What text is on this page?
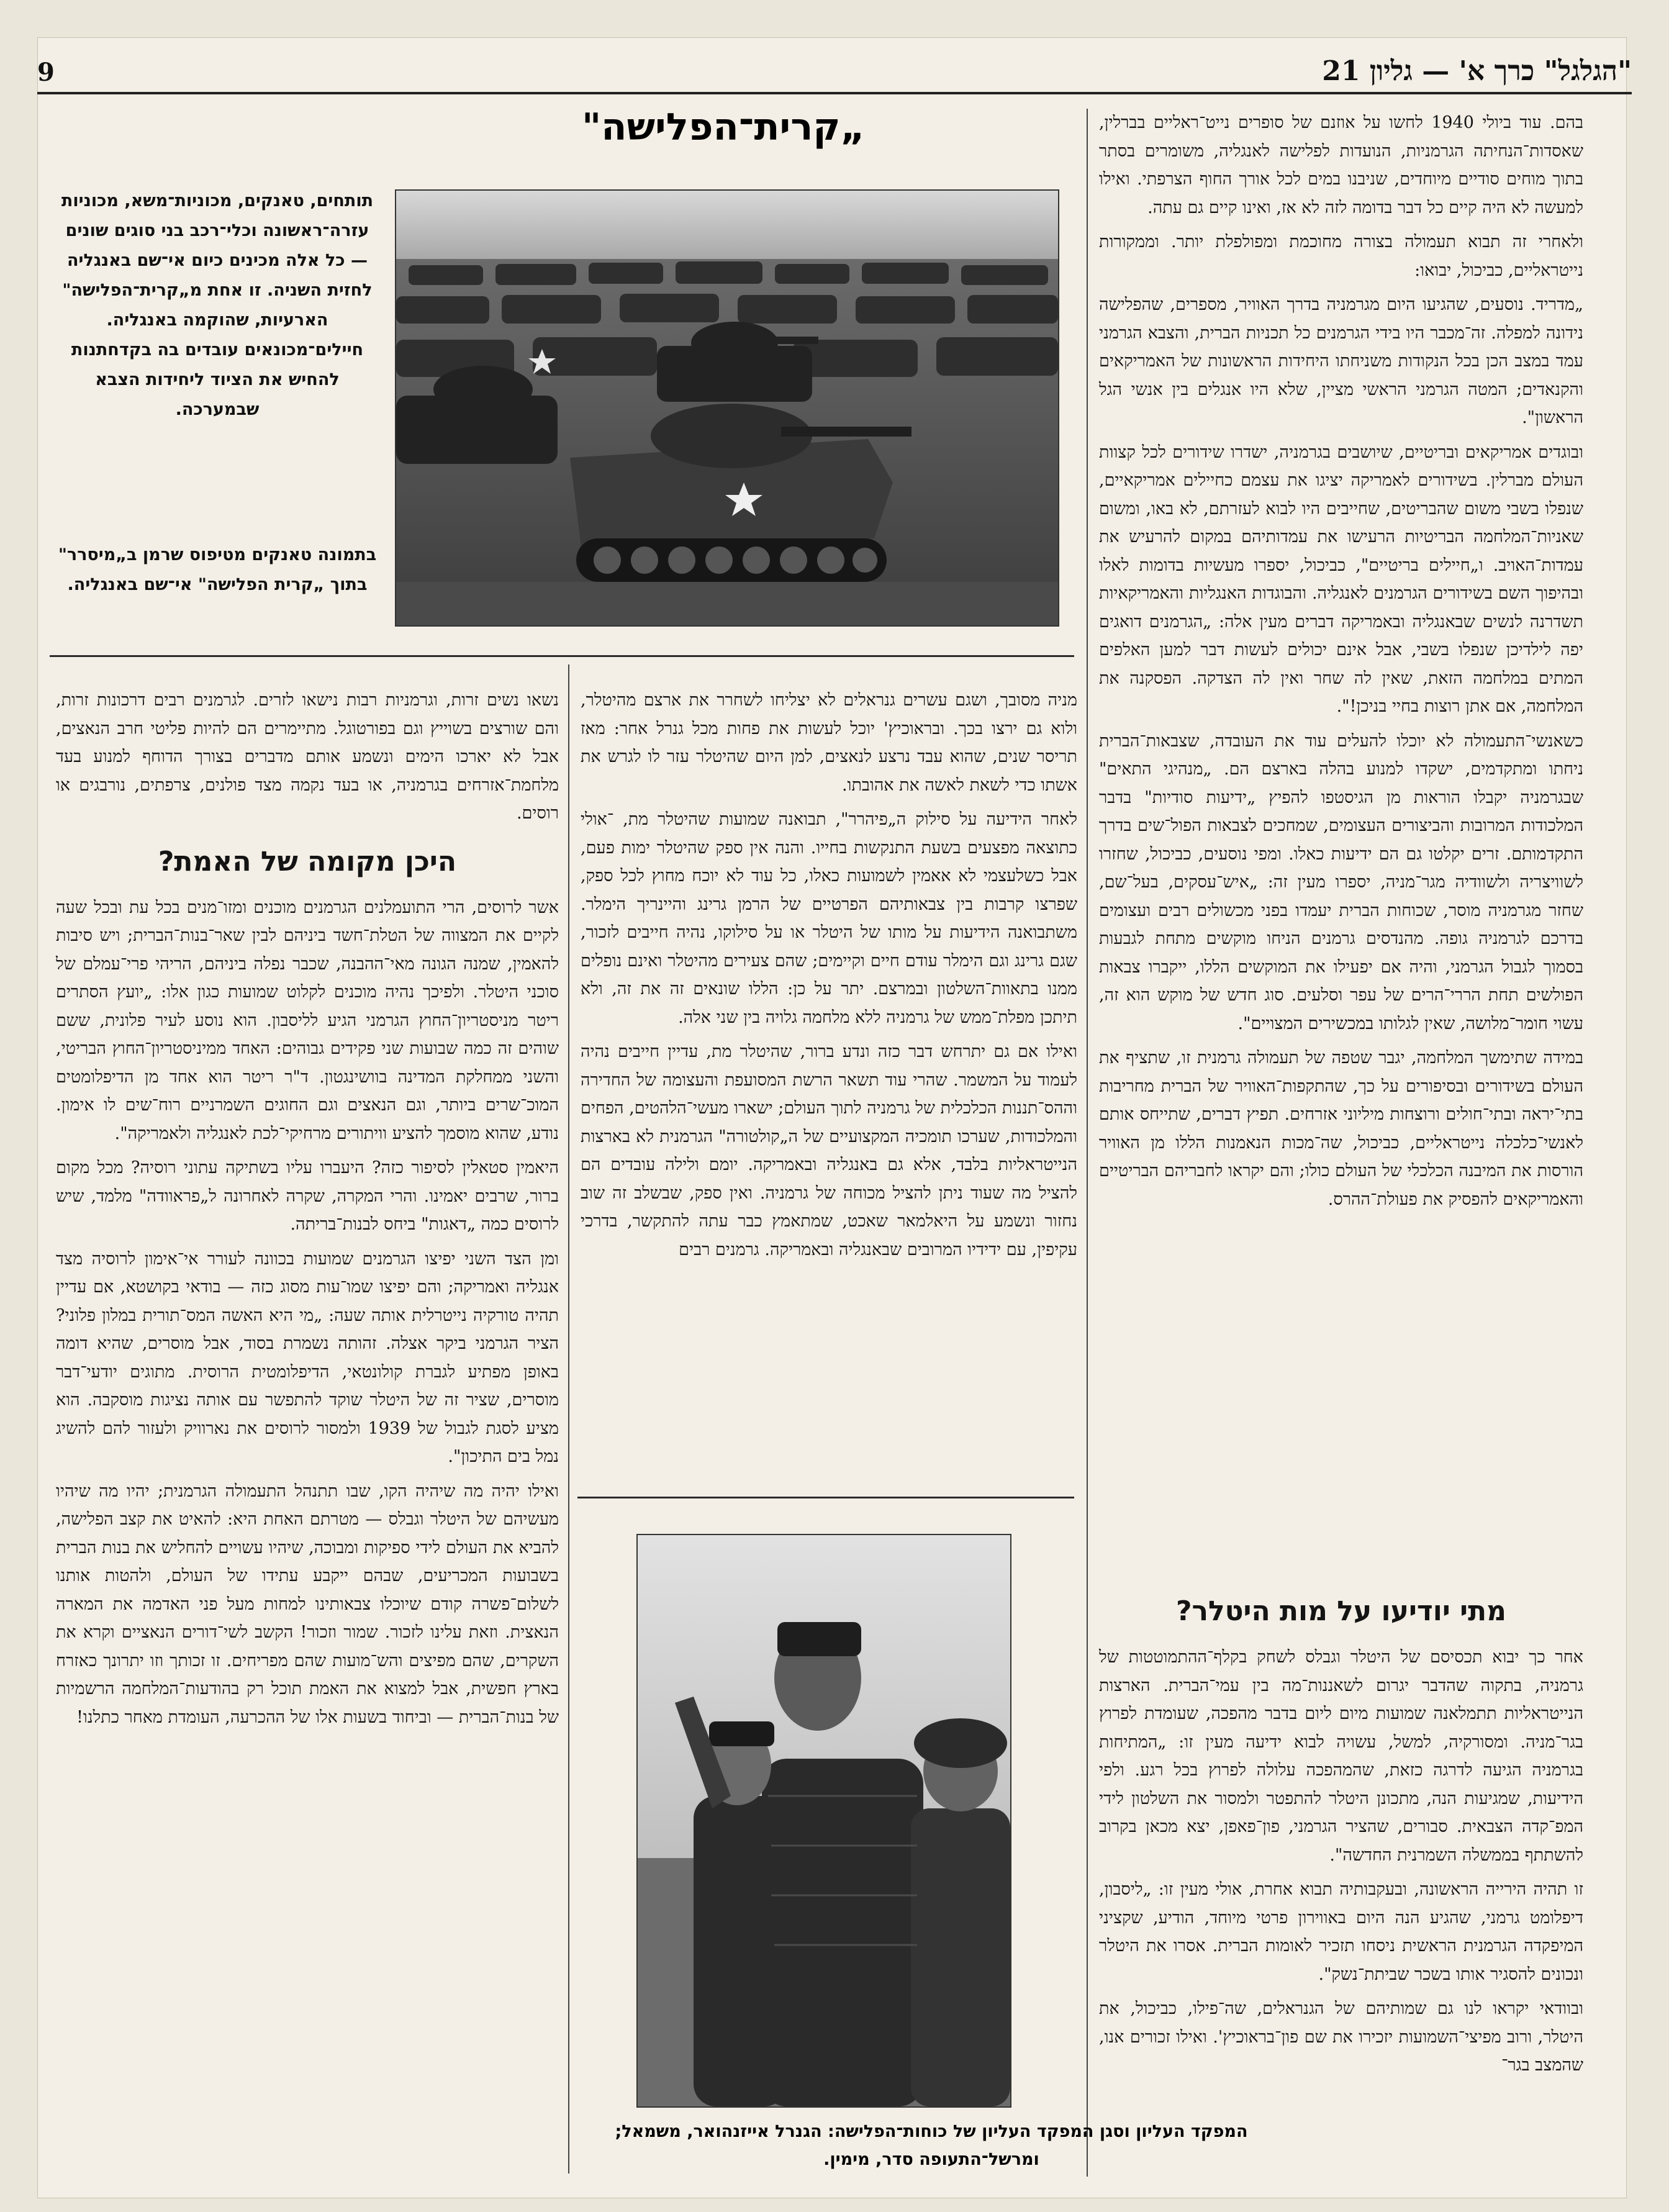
"הגלגל" כרך א' — גליון 21
9

בהם. עוד ביולי 1940 לחשו על אוזנם של סופרים נייט־ראליים בברלין, שאסדות־הנחיתה הגרמניות, הנועדות לפלישה לאנגליה, משומרים בסתר בתוך מוחים סודיים מיוחדים, שניבנו במים לכל אורך החוף הצרפתי. ואילו למעשה לא היה קיים כל דבר בדומה לזה לא אז, ואינו קיים גם עתה.

ולאחרי זה תבוא תעמולה בצורה מחוכמת ומפולפלת יותר. וממקורות נייטראליים, כביכול, יבואו:

„מדריד. נוסעים, שהגיעו היום מגרמניה בדרך האוויר, מספרים, שהפלישה נידונה למפלה. זה־מכבר היו בידי הגרמנים כל תכניות הברית, והצבא הגרמני עמד במצב הכן בכל הנקודות משניחתו היחידות הראשונות של האמריקאים והקנאדים; המטה הגרמני הראשי מציין, שלא היו אנגלים בין אנשי הגל הראשון".

ובוגדים אמריקאים ובריטיים, שיושבים בגרמניה, ישדרו שידורים לכל קצוות העולם מברלין. בשידורים לאמריקה יציגו את עצמם כחיילים אמריקאיים, שנפלו בשבי משום שהבריטים, שחייבים היו לבוא לעזרתם, לא באו, ומשום שאניות־המלחמה הבריטיות הרעישו את עמדותיהם במקום להרעיש את עמדות־האויב. ו„חיילים בריטיים", כביכול, יספרו מעשיות בדומות לאלו ובהיפוך השם בשידורים הגרמנים לאנגליה. והבוגדות האנגליות והאמריקאיות תשדרנה לנשים שבאנגליה ובאמריקה דברים מעין אלה: „הגרמנים דואגים יפה לילדיכן שנפלו בשבי, אבל אינם יכולים לעשות דבר למען האלפים המתים במלחמה הזאת, שאין לה שחר ואין לה הצדקה. הפסקנה את המלחמה, אם אתן רוצות בחיי בניכן!".

כשאנשי־התעמולה לא יוכלו להעלים עוד את העובדה, שצבאות־הברית ניחתו ומתקדמים, ישקדו למנוע בהלה בארצם הם. „מנהיגי התאים" שבגרמניה יקבלו הוראות מן הגיסטפו להפיץ „ידיעות סודיות" בדבר המלכודות המרובות והביצורים העצומים, שמחכים לצבאות הפול־שים בדרך התקדמותם. זרים יקלטו גם הם ידיעות כאלו. ומפי נוסעים, כביכול, שחזרו לשוויצריה ולשוודיה מגר־מניה, יספרו מעין זה: „איש־עסקים, בעל־שם, שחזר מגרמניה מוסר, שכוחות הברית יעמדו בפני מכשולים רבים ועצומים בדרכם לגרמניה גופה. מהנדסים גרמנים הניחו מוקשים מתחת לגבעות בסמוך לגבול הגרמני, והיה אם יפעילו את המוקשים הללו, ייקברו צבאות הפולשים תחת הררי־הרים של עפר וסלעים. סוג חדש של מוקש הוא זה, עשוי חומר־מלושה, שאין לגלותו במכשירים המצויים".

במידה שתימשך המלחמה, יגבר שטפה של תעמולה גרמנית זו, שתציף את העולם בשידורים ובסיפורים על כך, שהתקפות־האוויר של הברית מחריבות בתי־יראה ובתי־חולים ורוצחות מיליוני אזרחים. תפיץ דברים, שתייחס אותם לאנשי־כלכלה נייטראליים, כביכול, שה־מכות הנאמנות הללו מן האוויר הורסות את המיבנה הכלכלי של העולם כולו; והם יקראו לחבריהם הבריטיים והאמריקאים להפסיק את פעולת־ההרס.

„קרית־הפלישה"
תותחים, טאנקים, מכוניות־משא, מכוניות עזרה־ראשונה וכלי־רכב בני סוגים שונים — כל אלה מכינים כיום אי־שם באנגליה לחזית השניה. זו אחת מ„קרית־הפלישה" הארעיות, שהוקמה באנגליה. חיילים־מכונאים עובדים בה בקדחתנות להחיש את הציוד ליחידות הצבא שבמערכה.
בתמונה טאנקים מטיפוס שרמן ב„מיסרר" בתוך „קרית הפלישה" אי־שם באנגליה.

מניה מסובך, ושגם עשרים גנראלים לא יצליחו לשחרר את ארצם מהיטלר, ולוא גם ירצו בכך. ובראוכיץ' יוכל לעשות את פחות מכל גנרל אחר: מאז תריסר שנים, שהוא עבד נרצע לנאצים, למן היום שהיטלר עזר לו לגרש את אשתו כדי לשאת לאשה את אהובתו.

לאחר הידיעה על סילוק ה„פיהרר", תבואנה שמועות שהיטלר מת, ־אולי כתוצאה מפצעים בשעת התנקשות בחייו. והנה אין ספק שהיטלר ימות פעם, אבל כשלעצמי לא אאמין לשמועות כאלו, כל עוד לא יוכח מחוץ לכל ספק, שפרצו קרבות בין צבאותיהם הפרטיים של הרמן גרינג והיינריך הימלר. משתבואנה הידיעות על מותו של היטלר או על סילוקו, נהיה חייבים לזכור, שגם גרינג וגם הימלר עודם חיים וקיימים; שהם צעירים מהיטלר ואינם נופלים ממנו בתאוות־השלטון ובמרצם. יתר על כן: הללו שונאים זה את זה, ולא תיתכן מפלת־ממש של גרמניה ללא מלחמה גלויה בין שני אלה.

ואילו אם גם יתרחש דבר כזה ונדע ברור, שהיטלר מת, עדיין חייבים נהיה לעמוד על המשמר. שהרי עוד תשאר הרשת המסועפת והעצומה של החדירה וההס־תננות הכלכלית של גרמניה לתוך העולם; ישארו מעשי־הלהטים, הפחים והמלכודות, שערכו תומכיה המקצועיים של ה„קולטורה" הגרמנית לא בארצות הנייטראליות בלבד, אלא גם באנגליה ובאמריקה. יומם ולילה עובדים הם להציל מה שעוד ניתן להציל מכוחה של גרמניה. ואין ספק, שבשלב זה שוב נחזור ונשמע על היאלמאר שאכט, שמתאמץ כבר עתה להתקשר, בדרכי עקיפין, עם ידידיו המרובים שבאנגליה ובאמריקה. גרמנים רבים

נשאו נשים זרות, וגרמניות רבות נישאו לזרים. לגרמנים רבים דרכונות זרות, והם שורצים בשוייץ וגם בפורטוגל. מתיימרים הם להיות פליטי חרב הנאצים, אבל לא יארכו הימים ונשמע אותם מדברים בצורך הדוחף למנוע בעד מלחמת־אזרחים בגרמניה, או בעד נקמה מצד פולנים, צרפתים, נורבגים או רוסים.

היכן מקומה של האמת?

אשר לרוסים, הרי התועמלנים הגרמנים מוכנים ומזו־מנים בכל עת ובכל שעה לקיים את המצווה של הטלת־חשד ביניהם לבין שאר־בנות־הברית; ויש סיבות להאמין, שמנה הגונה מאי־ההבנה, שכבר נפלה ביניהם, הריהי פרי־עמלם של סוכני היטלר. ולפיכך נהיה מוכנים לקלוט שמועות כגון אלו: „יועץ הסתרים ריטר מניסטריון־החוץ הגרמני הגיע לליסבון. הוא נוסע לעיר פלונית, ששם שוהים זה כמה שבועות שני פקידים גבוהים: האחד ממיניסטריון־החוץ הבריטי, והשני ממחלקת המדינה בוושינגטון. ד"ר ריטר הוא אחד מן הדיפלומטים המוכ־שרים ביותר, וגם הנאצים וגם החוגים השמרניים רוח־שים לו אימון. נודע, שהוא מוסמך להציע וויתורים מרחיקי־לכת לאנגליה ולאמריקה".

היאמין סטאלין לסיפור כזה? היעברו עליו בשתיקה עתוני רוסיה? מכל מקום ברור, שרבים יאמינו. והרי המקרה, שקרה לאחרונה ל„פראוודה" מלמד, שיש לרוסים כמה „דאגות" ביחס לבנות־בריתה.

ומן הצד השני יפיצו הגרמנים שמועות בכוונה לעורר אי־אימון לרוסיה מצד אנגליה ואמריקה; והם יפיצו שמו־עות מסוג כזה — בודאי בקושטא, אם עדיין תהיה טורקיה נייטרלית אותה שעה: „מי היא האשה המס־תורית במלון פלוני? הציר הגרמני ביקר אצלה. זהותה נשמרת בסוד, אבל מוסרים, שהיא דומה באופן מפתיע לגברת קולונטאי, הדיפלומטית הרוסית. מתוגים יודעי־דבר מוסרים, שציר זה של היטלר שוקד להתפשר עם אותה נציגות מוסקבה. הוא מציע לסגת לגבול של 1939 ולמסור לרוסים את נארוויק ולעזור להם להשיג נמל בים התיכון".

ואילו יהיה מה שיהיה הקו, שבו תתנהל התעמולה הגרמנית; יהיו מה שיהיו מעשיהם של היטלר וגבלס — מטרתם האחת היא: להאיט את קצב הפלישה, להביא את העולם לידי ספיקות ומבוכה, שיהיו עשויים להחליש את בנות הברית בשבועות המכריעים, שבהם ייקבע עתידו של העולם, ולהטות אותנו לשלום־פשרה קודם שיוכלו צבאותינו למחות מעל פני האדמה את המארה הנאצית. וזאת עלינו לזכור. שמור וזכור! הקשב לשי־דורים הנאציים וקרא את השקרים, שהם מפיצים והש־מועות שהם מפריחים. זו זכותך וזו יתרונך כאזרח בארץ חפשית, אבל למצוא את האמת תוכל רק בהודעות־המלחמה הרשמיות של בנות־הברית — וביחוד בשעות אלו של ההכרעה, העומדת מאחר כתלנו!

מתי יודיעו על מות היטלר?

אחר כך יבוא תכסיסם של היטלר וגבלס לשחק בקלף־ההתמוטטות של גרמניה, בתקוה שהדבר יגרום לשאננות־מה בין עמי־הברית. הארצות הנייטראליות תתמלאנה שמועות מיום ליום בדבר מהפכה, שעומדת לפרוץ בגר־מניה. ומסורקיה, למשל, עשויה לבוא ידיעה מעין זו: „המתיחות בגרמניה הגיעה לדרגה כזאת, שהמהפכה עלולה לפרוץ בכל רגע. ולפי הידיעות, שמגיעות הנה, מתכונן היטלר להתפטר ולמסור את השלטון לידי המפ־קדה הצבאית. סבורים, שהציר הגרמני, פון־פאפן, יצא מכאן בקרוב להשתתף בממשלה השמרנית החדשה".

זו תהיה הירייה הראשונה, ובעקבותיה תבוא אחרת, אולי מעין זו: „ליסבון, דיפלומט גרמני, שהגיע הנה היום באווירון פרטי מיוחד, הודיע, שקציני המיפקדה הגרמנית הראשית ניסחו תזכיר לאומות הברית. אסרו את היטלר ונכונים להסגיר אותו בשכר שביתת־נשק".

ובוודאי יקראו לנו גם שמותיהם של הגנראלים, שה־פילו, כביכול, את היטלר, ורוב מפיצי־השמועות יזכירו את שם פון־בראוכיץ'. ואילו זכורים אנו, שהמצב בגר־

המפקד העליון וסגן המפקד העליון של כוחות־הפלישה: הגנרל אייזנהואר, משמאל; ומרשל־התעופה סדר, מימין.
